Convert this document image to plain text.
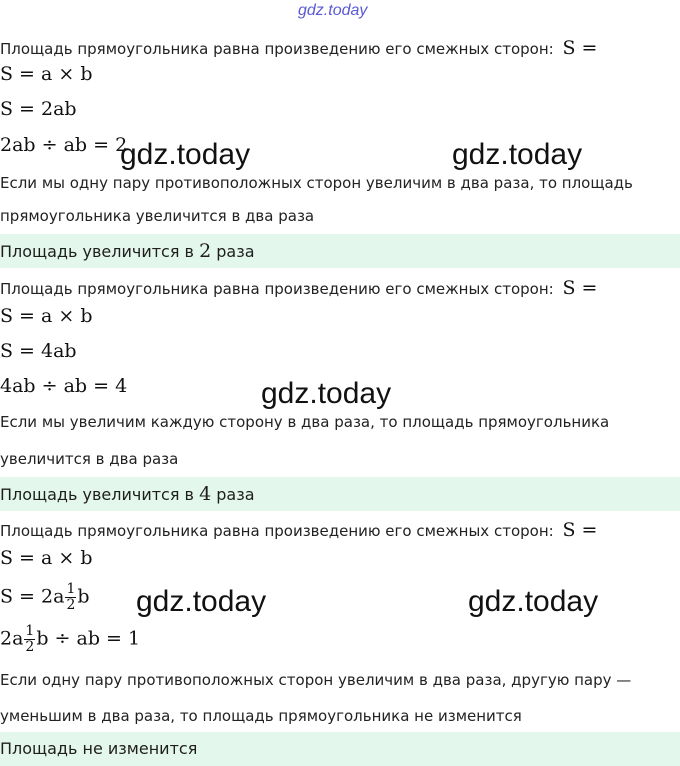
gdz.today
Площадь прямоугольника равна произведению его смежных сторон: S =
S = a × b
S = 2ab
2ab ÷ ab = 2
Если мы одну пару противоположных сторон увеличим в два раза, то площадь
прямоугольника увеличится в два раза
Площадь увеличится в 2 раза
Площадь прямоугольника равна произведению его смежных сторон: S =
S = a × b
S = 4ab
4ab ÷ ab = 4
Если мы увеличим каждую сторону в два раза, то площадь прямоугольника
увеличится в два раза
Площадь увеличится в 4 раза
Площадь прямоугольника равна произведению его смежных сторон: S =
S = a × b
$S = 2a \frac{1}{2}$ b
$2a \frac{1}{2}$ b ÷ ab = 1
Если одну пару противоположных сторон увеличим в два раза, другую пару —
уменьшим в два раза, то площадь прямоугольника не изменится
Площадь не изменится
gdz.today	gdz.today
gdz.today
gdz.today	gdz.today
